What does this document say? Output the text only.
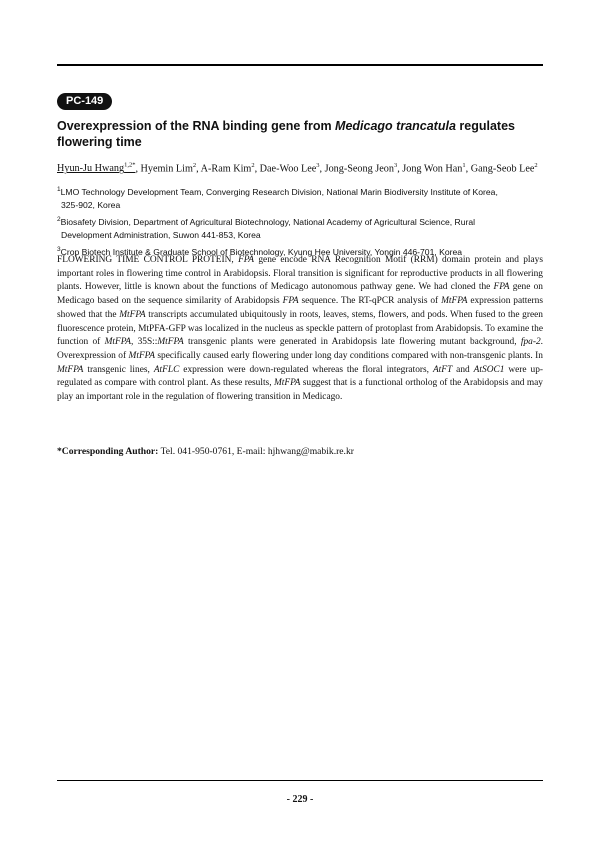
PC-149
Overexpression of the RNA binding gene from Medicago trancatula regulates flowering time
Hyun-Ju Hwang$^{1,2*}$, Hyemin Lim$^2$, A-Ram Kim$^2$, Dae-Woo Lee$^3$, Jong-Seong Jeon$^3$, Jong Won Han$^1$, Gang-Seob Lee$^2$
$^1$LMO Technology Development Team, Converging Research Division, National Marin Biodiversity Institute of Korea,
325-902, Korea
$^2$Biosafety Division, Department of Agricultural Biotechnology, National Academy of Agricultural Science, Rural
Development Administration, Suwon 441-853, Korea
$^3$Crop Biotech Institute & Graduate School of Biotechnology, Kyung Hee University, Yongin 446-701, Korea

FLOWERING TIME CONTROL PROTEIN, FPA gene encode RNA Recognition Motif (RRM) domain protein and plays important roles in flowering time control in Arabidopsis. Floral transition is significant for reproductive products in all flowering plants. However, little is known about the functions of Medicago autonomous pathway gene. We had cloned the FPA gene on Medicago based on the sequence similarity of Arabidopsis FPA sequence. The RT-qPCR analysis of MtFPA expression patterns showed that the MtFPA transcripts accumulated ubiquitously in roots, leaves, stems, flowers, and pods. When fused to the green fluorescence protein, MtPFA-GFP was localized in the nucleus as speckle pattern of protoplast from Arabidopsis. To examine the function of MtFPA, 35S::MtFPA transgenic plants were generated in Arabidopsis late flowering mutant background, fpa-2. Overexpression of MtFPA specifically caused early flowering under long day conditions compared with non-transgenic plants. In MtFPA transgenic lines, AtFLC expression were down-regulated whereas the floral integrators, AtFT and AtSOC1 were up-regulated as compare with control plant. As these results, MtFPA suggest that is a functional ortholog of the Arabidopsis and may play an important role in the regulation of flowering transition in Medicago.

*Corresponding Author: Tel. 041-950-0761, E-mail: hjhwang@mabik.re.kr
- 229 -
